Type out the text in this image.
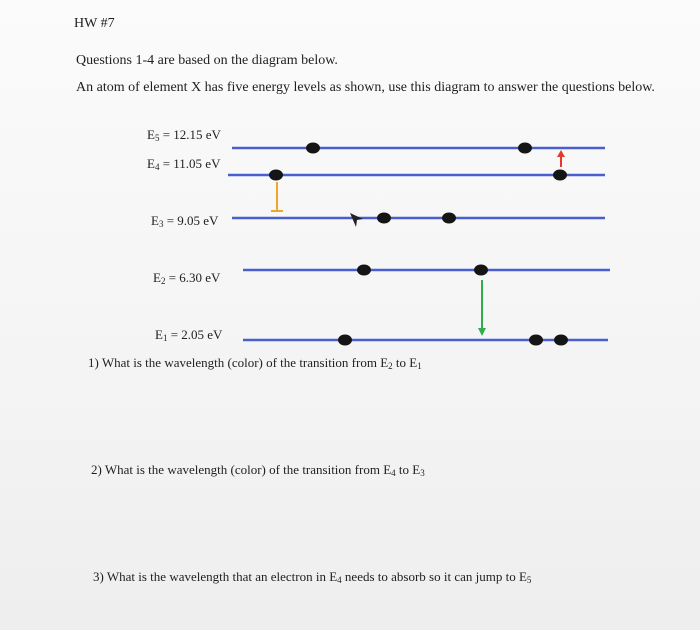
HW #7
Questions 1-4 are based on the diagram below.
An atom of element X has five energy levels as shown, use this diagram to answer the questions below.
$E_5 = 12.15$ eV
$E_4 = 11.05$ eV
$E_3 = 9.05$ eV
$E_2 = 6.30$ eV
$E_1 = 2.05$ eV
1) What is the wavelength (color) of the transition from $E_2$ to $E_1$
2) What is the wavelength (color) of the transition from $E_4$ to $E_3$
3) What is the wavelength that an electron in $E_4$ needs to absorb so it can jump to $E_5$
